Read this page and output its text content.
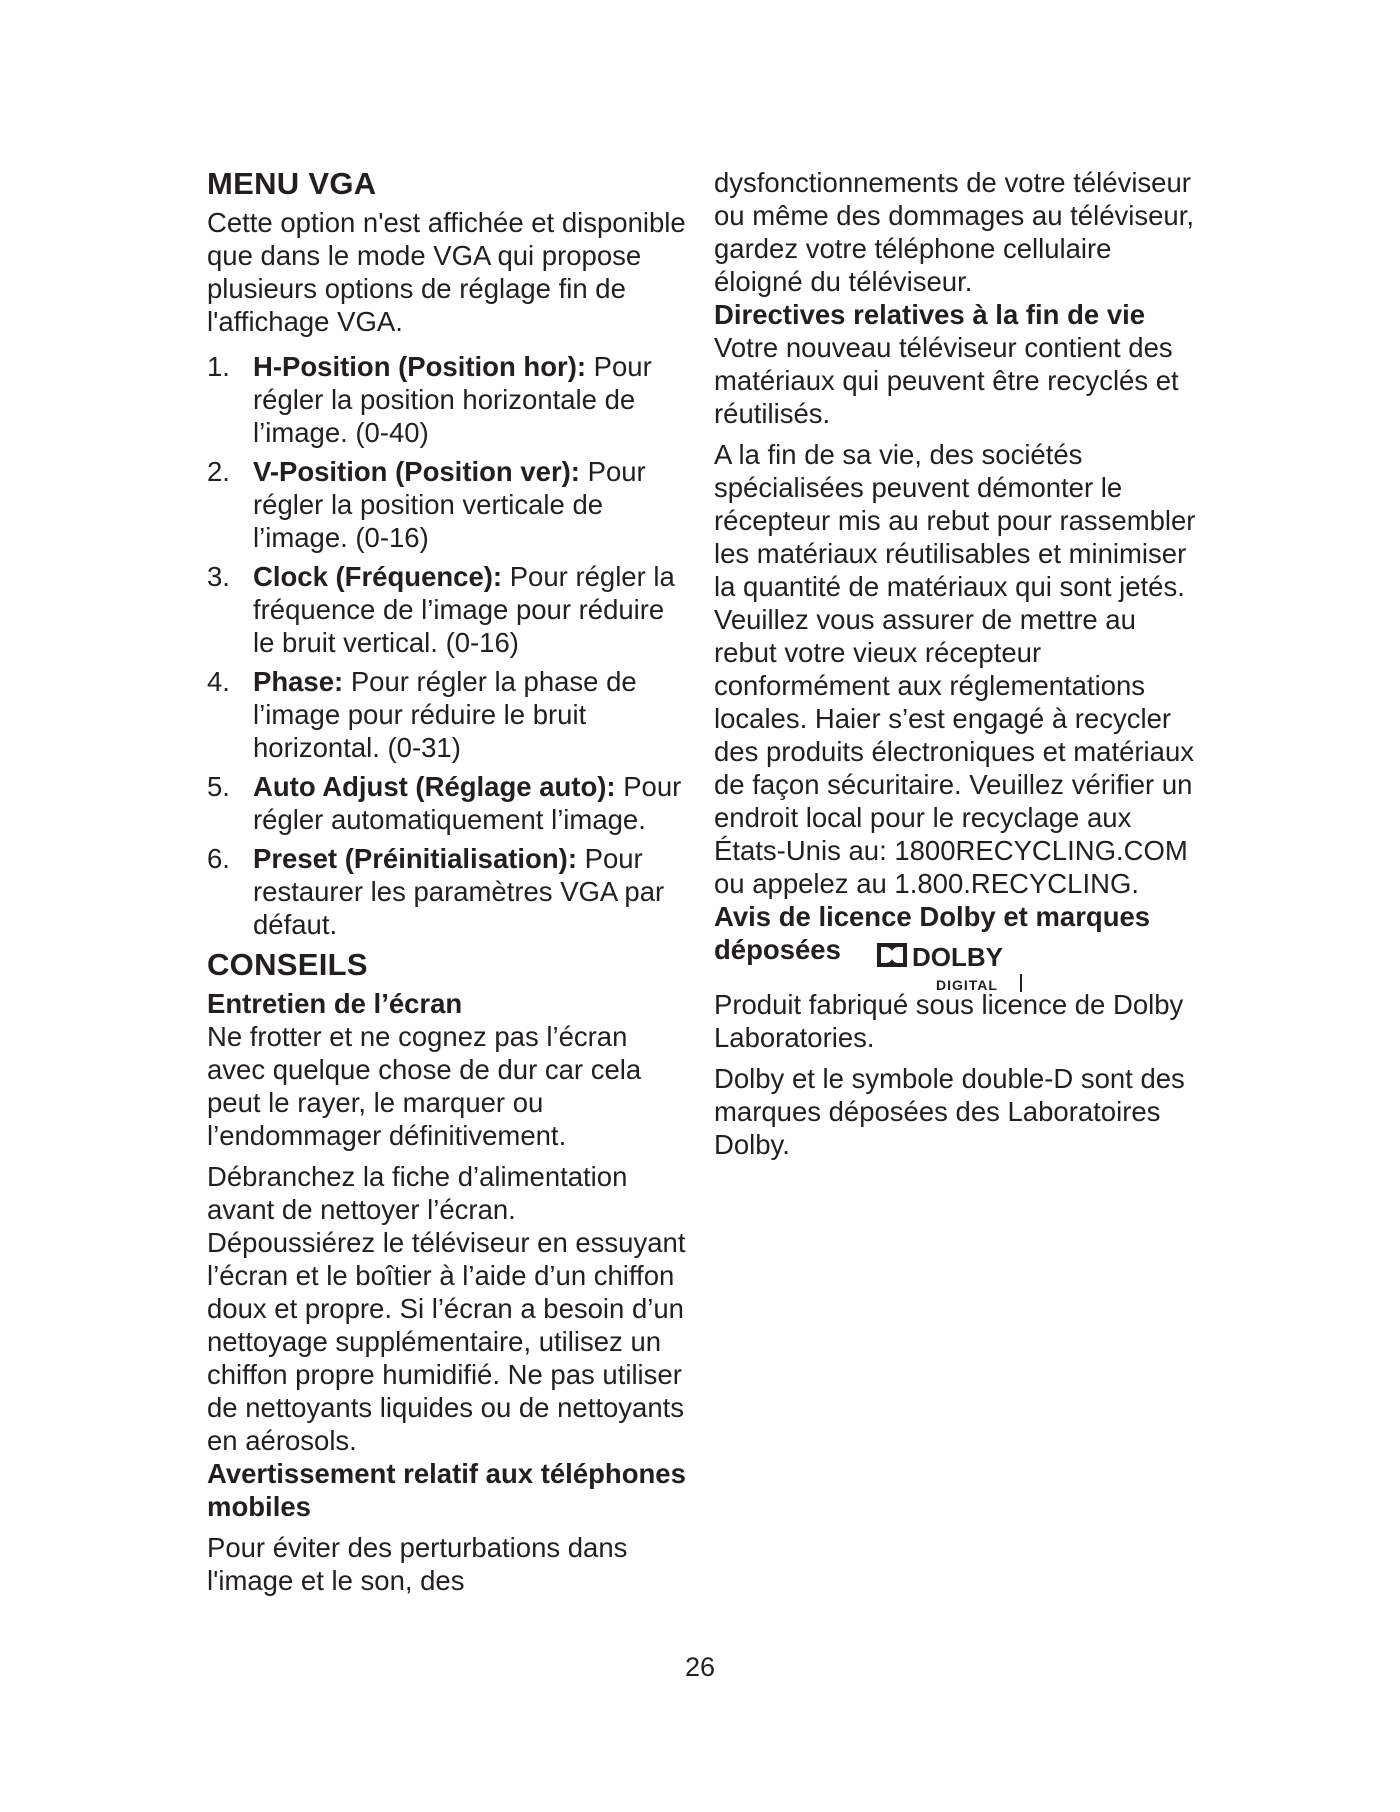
MENU VGA

Cette option n'est affichée et disponible que dans le mode VGA qui propose plusieurs options de réglage fin de l'affichage VGA.

1. H-Position (Position hor): Pour régler la position horizontale de l’image. (0-40)
2. V-Position (Position ver): Pour régler la position verticale de l’image. (0-16)
3. Clock (Fréquence): Pour régler la fréquence de l’image pour réduire le bruit vertical. (0-16)
4. Phase: Pour régler la phase de l’image pour réduire le bruit horizontal. (0-31)
5. Auto Adjust (Réglage auto): Pour régler automatiquement l’image.
6. Preset (Préinitialisation): Pour restaurer les paramètres VGA par défaut.
CONSEILS
Entretien de l’écran

Ne frotter et ne cognez pas l’écran avec quelque chose de dur car cela peut le rayer, le marquer ou l’endommager définitivement.

Débranchez la fiche d’alimentation avant de nettoyer l’écran. Dépoussiérez le téléviseur en essuyant l’écran et le boîtier à l’aide d’un chiffon doux et propre. Si l’écran a besoin d’un nettoyage supplémentaire, utilisez un chiffon propre humidifié. Ne pas utiliser de nettoyants liquides ou de nettoyants en aérosols.

Avertissement relatif aux téléphones mobiles

Pour éviter des perturbations dans l'image et le son, des

dysfonctionnements de votre téléviseur ou même des dommages au téléviseur, gardez votre téléphone cellulaire éloigné du téléviseur.

Directives relatives à la fin de vie

Votre nouveau téléviseur contient des matériaux qui peuvent être recyclés et réutilisés.

A la fin de sa vie, des sociétés spécialisées peuvent démonter le récepteur mis au rebut pour rassembler les matériaux réutilisables et minimiser la quantité de matériaux qui sont jetés.

Veuillez vous assurer de mettre au rebut votre vieux récepteur conformément aux réglementations locales. Haier s’est engagé à recycler des produits électroniques et matériaux de façon sécuritaire. Veuillez vérifier un endroit local pour le recyclage aux États-Unis au: 1800RECYCLING.COM ou appelez au 1.800.RECYCLING.

Avis de licence Dolby et marques
déposées	DOLBY
DIGITAL

Produit fabriqué sous licence de Dolby Laboratories.

Dolby et le symbole double-D sont des marques déposées des Laboratoires Dolby.

26
